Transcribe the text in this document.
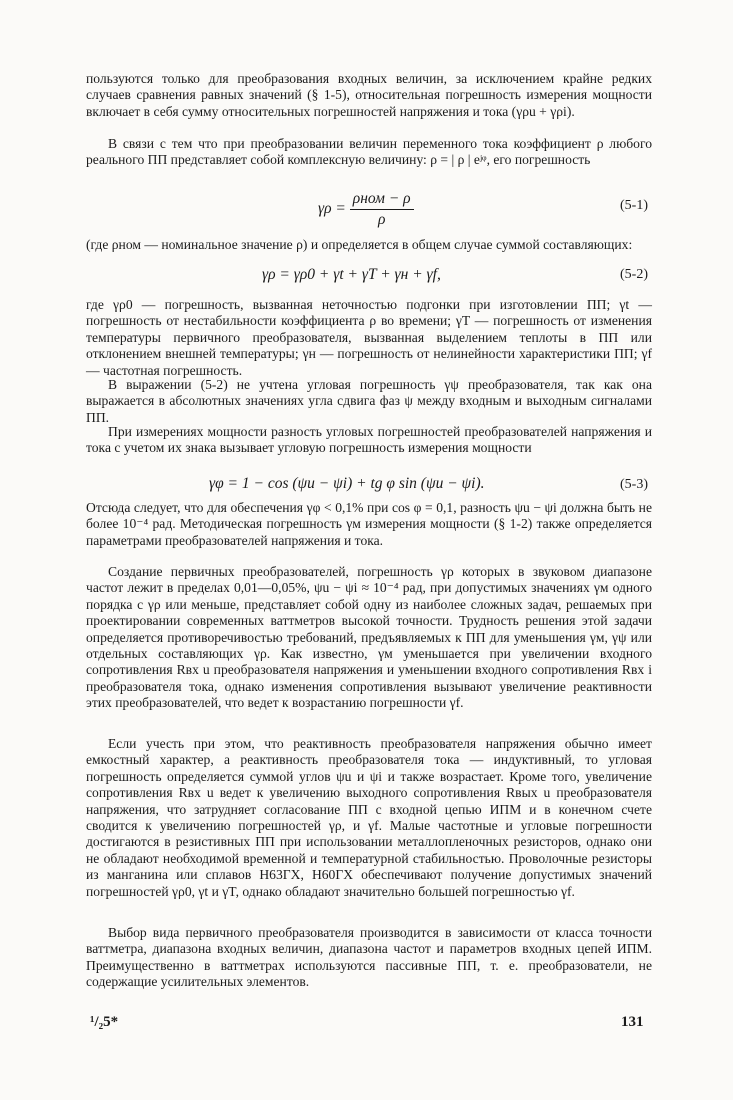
пользуются только для преобразования входных величин, за исключением крайне редких случаев сравнения равных значений (§ 1-5), относительная погрешность измерения мощности включает в себя сумму относительных погрешностей напряжения и тока (γρu + γρi).

В связи с тем что при преобразовании величин переменного тока коэффициент ρ любого реального ПП представляет собой комплексную величину: ρ = | ρ | eʲᵠ, его погрешность

$\gamma\rho = \frac{\text{ρном − ρ}}{\rho}$	(5-1)

(где ρном — номинальное значение ρ) и определяется в общем случае суммой составляющих:

γρ = γρ0 + γt + γT + γн + γf,	(5-2)

где γρ0 — погрешность, вызванная неточностью подгонки при изготовлении ПП; γt — погрешность от нестабильности коэффициента ρ во времени; γT — погрешность от изменения температуры первичного преобразователя, вызванная выделением теплоты в ПП или отклонением внешней температуры; γн — погрешность от нелинейности характеристики ПП; γf — частотная погрешность.

В выражении (5-2) не учтена угловая погрешность γψ преобразователя, так как она выражается в абсолютных значениях угла сдвига фаз ψ между входным и выходным сигналами ПП.

При измерениях мощности разность угловых погрешностей преобразователей напряжения и тока с учетом их знака вызывает угловую погрешность измерения мощности

γφ = 1 − cos (ψu − ψi) + tg φ sin (ψu − ψi).	(5-3)

Отсюда следует, что для обеспечения γφ < 0,1% при cos φ = 0,1, разность ψu − ψi должна быть не более 10⁻⁴ рад. Методическая погрешность γм измерения мощности (§ 1-2) также определяется параметрами преобразователей напряжения и тока.

Создание первичных преобразователей, погрешность γρ которых в звуковом диапазоне частот лежит в пределах 0,01—0,05%, ψu − ψi ≈ 10⁻⁴ рад, при допустимых значениях γм одного порядка с γρ или меньше, представляет собой одну из наиболее сложных задач, решаемых при проектировании современных ваттметров высокой точности. Трудность решения этой задачи определяется противоречивостью требований, предъявляемых к ПП для уменьшения γм, γψ или отдельных составляющих γρ. Как известно, γм уменьшается при увеличении входного сопротивления Rвх u преобразователя напряжения и уменьшении входного сопротивления Rвх i преобразователя тока, однако изменения сопротивления вызывают увеличение реактивности этих преобразователей, что ведет к возрастанию погрешности γf.

Если учесть при этом, что реактивность преобразователя напряжения обычно имеет емкостный характер, а реактивность преобразователя тока — индуктивный, то угловая погрешность определяется суммой углов ψu и ψi и также возрастает. Кроме того, увеличение сопротивления Rвх u ведет к увеличению выходного сопротивления Rвых u преобразователя напряжения, что затрудняет согласование ПП с входной цепью ИПМ и в конечном счете сводится к увеличению погрешностей γρ, и γf. Малые частотные и угловые погрешности достигаются в резистивных ПП при использовании металлопленочных резисторов, однако они не обладают необходимой временной и температурной стабильностью. Проволочные резисторы из манганина или сплавов Н63ГХ, Н60ГХ обеспечивают получение допустимых значений погрешностей γρ0, γt и γT, однако обладают значительно большей погрешностью γf.

Выбор вида первичного преобразователя производится в зависимости от класса точности ваттметра, диапазона входных величин, диапазона частот и параметров входных цепей ИПМ. Преимущественно в ваттметрах используются пассивные ПП, т. е. преобразователи, не содержащие усилительных элементов.

¹/₂5*	131
